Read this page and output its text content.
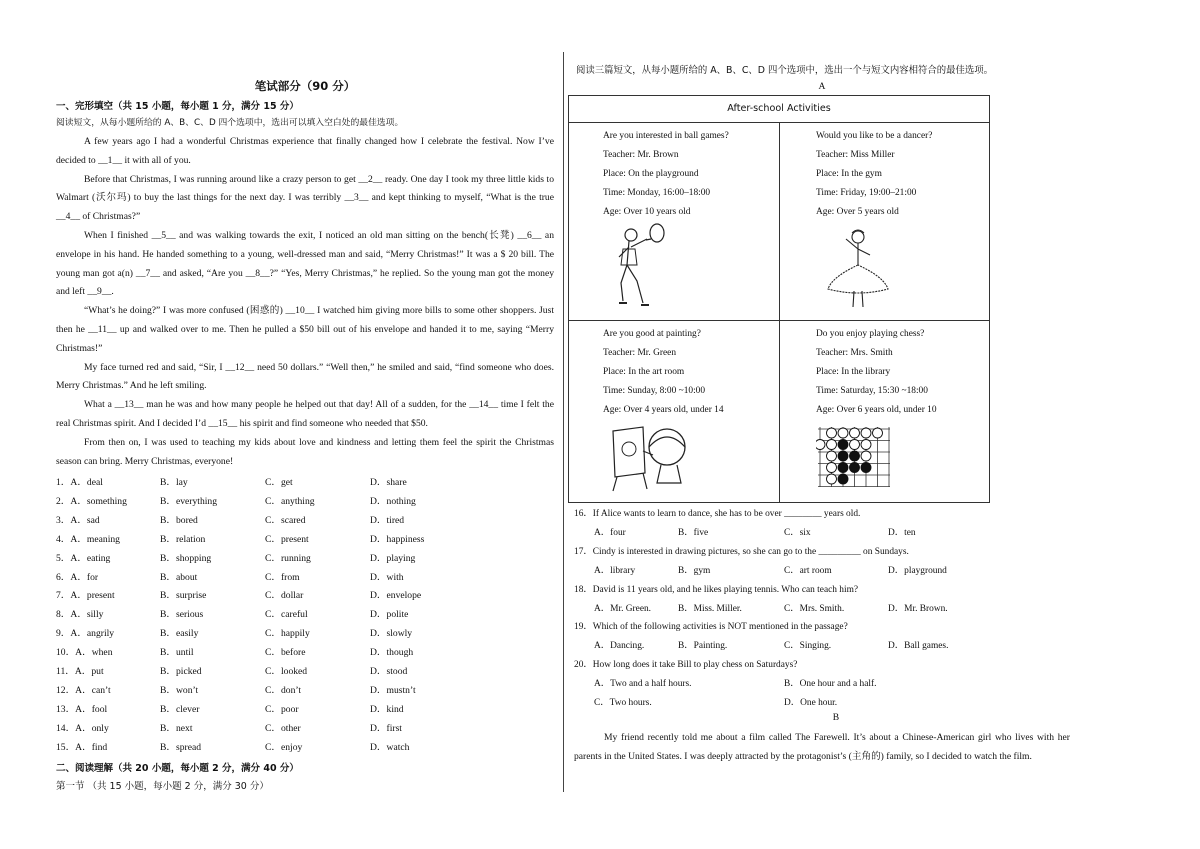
笔试部分（90 分）
一、完形填空（共 15 小题，每小题 1 分，满分 15 分）
阅读短文，从每小题所给的 A、B、C、D 四个选项中，选出可以填入空白处的最佳选项。

A few years ago I had a wonderful Christmas experience that finally changed how I celebrate the festival. Now I’ve decided to __1__ it with all of you.

Before that Christmas, I was running around like a crazy person to get __2__ ready. One day I took my three little kids to Walmart (沃尔玛) to buy the last things for the next day. I was terribly __3__ and kept thinking to myself, “What is the true __4__ of Christmas?”

When I finished __5__ and was walking towards the exit, I noticed an old man sitting on the bench(长凳) __6__ an envelope in his hand. He handed something to a young, well-dressed man and said, “Merry Christmas!” It was a $ 20 bill. The young man got a(n) __7__ and asked, “Are you __8__?” “Yes, Merry Christmas,” he replied. So the young man got the money and left __9__.

“What’s he doing?” I was more confused (困惑的) __10__ I watched him giving more bills to some other shoppers. Just then he __11__ up and walked over to me. Then he pulled a $50 bill out of his envelope and handed it to me, saying “Merry Christmas!”

My face turned red and said, “Sir, I __12__ need 50 dollars.” “Well then,” he smiled and said, “find someone who does. Merry Christmas.” And he left smiling.

What a __13__ man he was and how many people he helped out that day! All of a sudden, for the __14__ time I felt the real Christmas spirit. And I decided I’d __15__ his spirit and find someone who needed that $50.

From then on, I was used to teaching my kids about love and kindness and letting them feel the spirit the Christmas season can bring. Merry Christmas, everyone!

1．A．deal	B．lay	C．get	D．share
2．A．something	B．everything	C．anything	D．nothing
3．A．sad	B．bored	C．scared	D．tired
4．A．meaning	B．relation	C．present	D．happiness
5．A．eating	B．shopping	C．running	D．playing
6．A．for	B．about	C．from	D．with
7．A．present	B．surprise	C．dollar	D．envelope
8．A．silly	B．serious	C．careful	D．polite
9．A．angrily	B．easily	C．happily	D．slowly
10．A．when	B．until	C．before	D．though
11．A．put	B．picked	C．looked	D．stood
12．A．can’t	B．won’t	C．don’t	D．mustn’t
13．A．fool	B．clever	C．poor	D．kind
14．A．only	B．next	C．other	D．first
15．A．find	B．spread	C．enjoy	D．watch
二、阅读理解（共 20 小题，每小题 2 分，满分 40 分）
第一节 （共 15 小题，每小题 2 分，满分 30 分）
阅读三篇短文，从每小题所给的 A、B、C、D 四个选项中，选出一个与短文内容相符合的最佳选项。
A
After-school Activities
Are you interested in ball games?
Teacher: Mr. Brown
Place: On the playground
Time: Monday, 16:00–18:00
Age: Over 10 years old
Would you like to be a dancer?
Teacher: Miss Miller
Place: In the gym
Time: Friday, 19:00–21:00
Age: Over 5 years old
Are you good at painting?
Teacher: Mr. Green
Place: In the art room
Time: Sunday, 8:00 ~10:00
Age: Over 4 years old, under 14
Do you enjoy playing chess?
Teacher: Mrs. Smith
Place: In the library
Time: Saturday, 15:30 ~18:00
Age: Over 6 years old, under 10
16．If Alice wants to learn to dance, she has to be over ________ years old.
A．four	B．five	C．six	D．ten
17．Cindy is interested in drawing pictures, so she can go to the _________ on Sundays.
A．library	B．gym	C．art room	D．playground
18．David is 11 years old, and he likes playing tennis. Who can teach him?
A．Mr. Green.	B．Miss. Miller.	C．Mrs. Smith.	D．Mr. Brown.
19．Which of the following activities is NOT mentioned in the passage?
A．Dancing.	B．Painting.	C．Singing.	D．Ball games.
20．How long does it take Bill to play chess on Saturdays?
A．Two and a half hours.	B．One hour and a half.
C．Two hours.	D．One hour.
B

My friend recently told me about a film called The Farewell. It’s about a Chinese-American girl who lives with her parents in the United States. I was deeply attracted by the protagonist’s (主角的) family, so I decided to watch the film.
